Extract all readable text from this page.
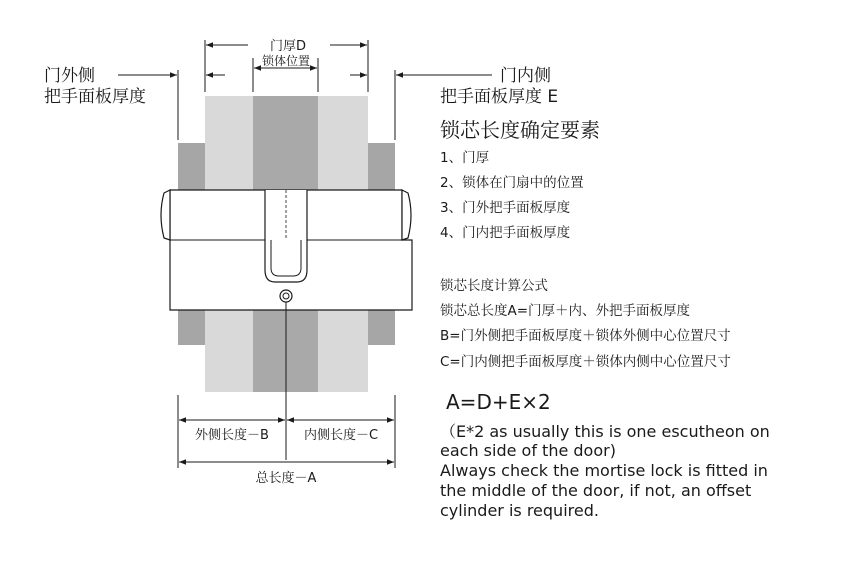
门厚D
锁体位置
外侧长度－B	内侧长度－C
总长度－A
门外侧
把手面板厚度
门内侧
把手面板厚度 E
锁芯长度确定要素
1、门厚
2、锁体在门扇中的位置
3、门外把手面板厚度
4、门内把手面板厚度
锁芯长度计算公式
锁芯总长度A=门厚＋内、外把手面板厚度
B=门外侧把手面板厚度＋锁体外侧中心位置尺寸
C=门内侧把手面板厚度＋锁体内侧中心位置尺寸
A=D+E×2
（E*2 as usually this is one escutheon on
each side of the door)
Always check the mortise lock is fitted in
the middle of the door, if not, an offset
cylinder is required.
